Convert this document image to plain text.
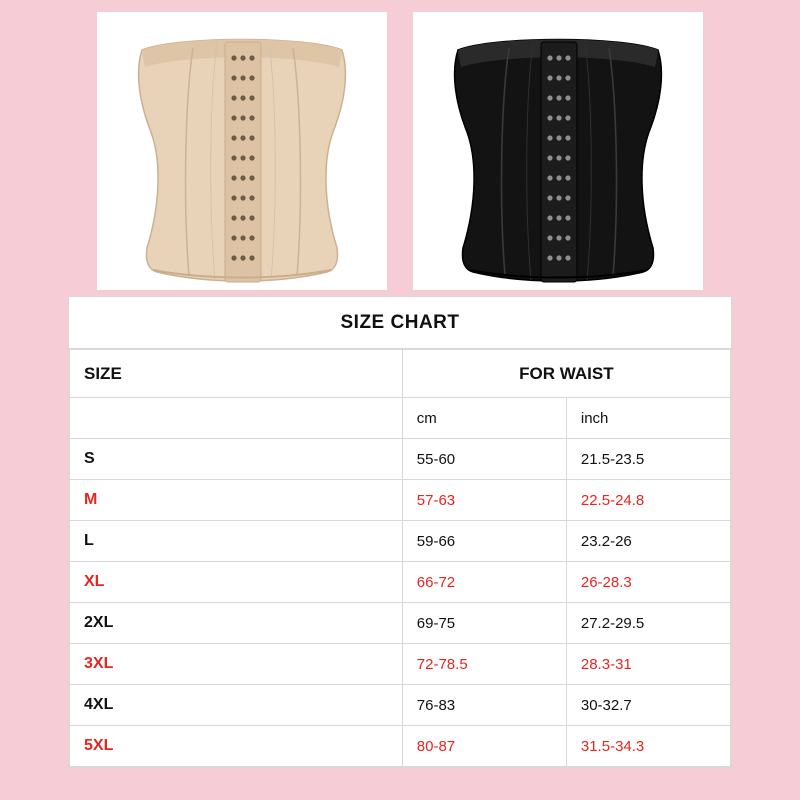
SIZE CHART
SIZE	FOR WAIST	
	cm	inch
S	55-60	21.5-23.5
M	57-63	22.5-24.8
L	59-66	23.2-26
XL	66-72	26-28.3
2XL	69-75	27.2-29.5
3XL	72-78.5	28.3-31
4XL	76-83	30-32.7
5XL	80-87	31.5-34.3
